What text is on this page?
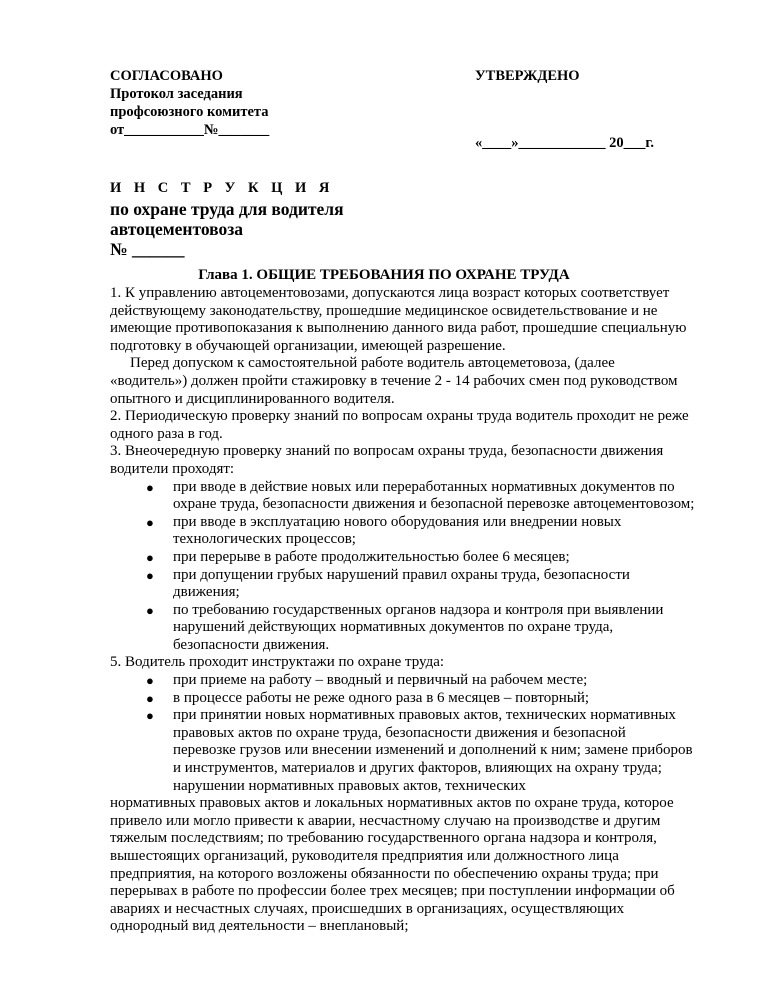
СОГЛАСОВАНО
Протокол заседания
профсоюзного комитета
от___________№_______
УТВЕРЖДЕНО
«____»____________ 20___г.
И Н С Т Р У К Ц И Я
по охране труда для водителя
автоцементовоза
№ ______
Глава 1. ОБЩИЕ ТРЕБОВАНИЯ ПО ОХРАНЕ ТРУДА

1. К управлению автоцементовозами, допускаются лица возраст которых соответствует

действующему законодательству, прошедшие медицинское освидетельствование и не

имеющие противопоказания к выполнению данного вида работ, прошедшие специальную

подготовку в обучающей организации, имеющей разрешение.

Перед допуском к самостоятельной работе водитель автоцеметовоза, (далее

«водитель») должен пройти стажировку в течение 2 - 14 рабочих смен под руководством

опытного и дисциплинированного водителя.

2. Периодическую проверку знаний по вопросам охраны труда водитель проходит не реже

одного раза в год.

3. Внеочередную проверку знаний по вопросам охраны труда, безопасности движения

водители проходят:

● при вводе в действие новых или переработанных нормативных документов по
охране труда, безопасности движения и безопасной перевозке автоцементовозом;
● при вводе в эксплуатацию нового оборудования или внедрении новых
технологических процессов;
● при перерыве в работе продолжительностью более 6 месяцев;
● при допущении грубых нарушений правил охраны труда, безопасности
движения;
● по требованию государственных органов надзора и контроля при выявлении
нарушений действующих нормативных документов по охране труда,
безопасности движения.

5. Водитель проходит инструктажи по охране труда:

● при приеме на работу – вводный и первичный на рабочем месте;
● в процессе работы не реже одного раза в 6 месяцев – повторный;
● при принятии новых нормативных правовых актов, технических нормативных
правовых актов по охране труда, безопасности движения и безопасной
перевозке грузов или внесении изменений и дополнений к ним; замене приборов
и инструментов, материалов и других факторов, влияющих на охрану труда;
нарушении нормативных правовых актов, технических

нормативных правовых актов и локальных нормативных актов по охране труда, которое

привело или могло привести к аварии, несчастному случаю на производстве и другим

тяжелым последствиям; по требованию государственного органа надзора и контроля,

вышестоящих организаций, руководителя предприятия или должностного лица

предприятия, на которого возложены обязанности по обеспечению охраны труда; при

перерывах в работе по профессии более трех месяцев; при поступлении информации об

авариях и несчастных случаях, происшедших в организациях, осуществляющих

однородный вид деятельности – внеплановый;
